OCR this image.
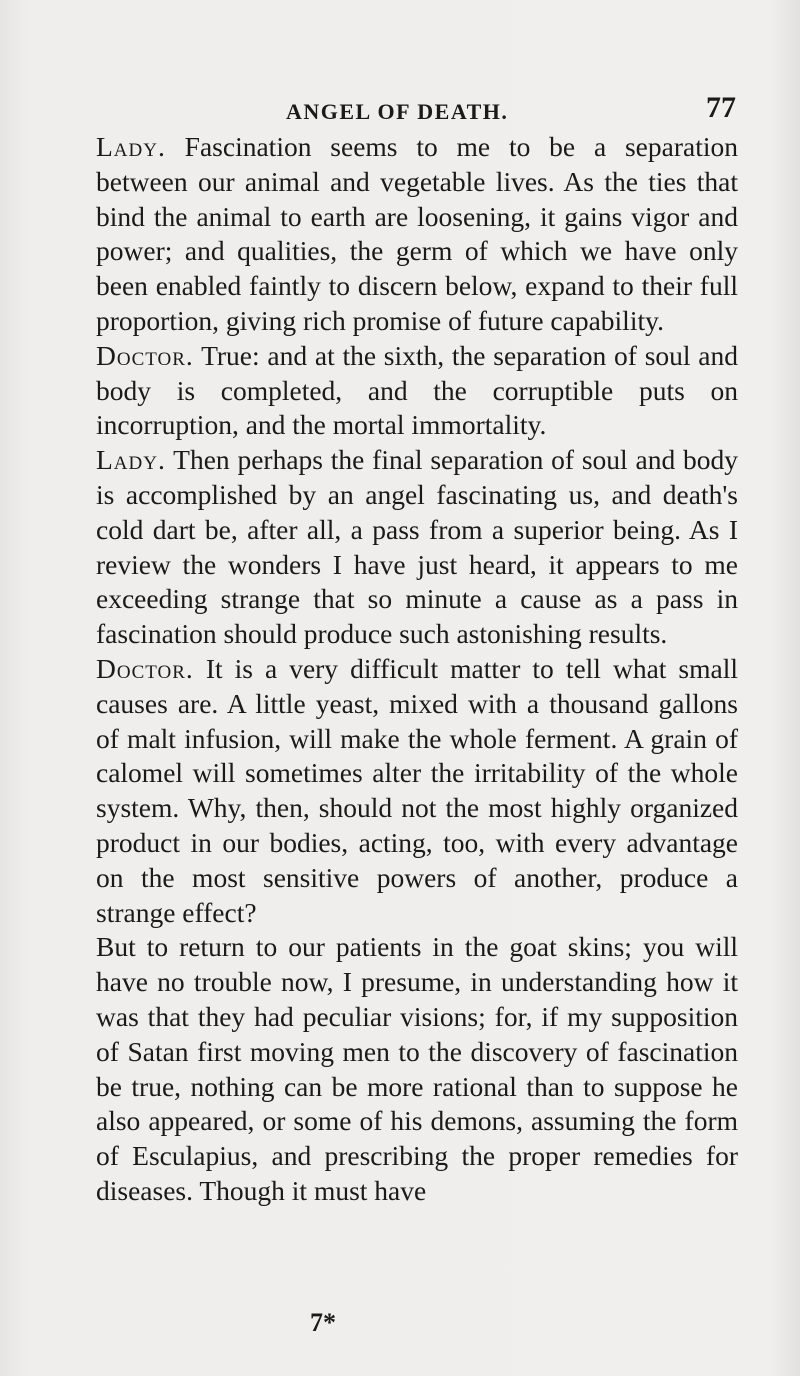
ANGEL OF DEATH.	77

Lady. Fascination seems to me to be a separation between our animal and vegetable lives. As the ties that bind the animal to earth are loosening, it gains vigor and power; and qualities, the germ of which we have only been enabled faintly to discern below, expand to their full proportion, giving rich promise of future capability.

Doctor. True: and at the sixth, the separation of soul and body is completed, and the corruptible puts on incorruption, and the mortal immortality.

Lady. Then perhaps the final separation of soul and body is accomplished by an angel fascinating us, and death's cold dart be, after all, a pass from a superior being. As I review the wonders I have just heard, it appears to me exceeding strange that so minute a cause as a pass in fascination should produce such astonishing results.

Doctor. It is a very difficult matter to tell what small causes are. A little yeast, mixed with a thousand gallons of malt infusion, will make the whole ferment. A grain of calomel will sometimes alter the irritability of the whole system. Why, then, should not the most highly organized product in our bodies, acting, too, with every advantage on the most sensitive powers of another, produce a strange effect?

But to return to our patients in the goat skins; you will have no trouble now, I presume, in understanding how it was that they had peculiar visions; for, if my supposition of Satan first moving men to the discovery of fascination be true, nothing can be more rational than to suppose he also appeared, or some of his demons, assuming the form of Esculapius, and prescribing the proper remedies for diseases. Though it must have

7*
